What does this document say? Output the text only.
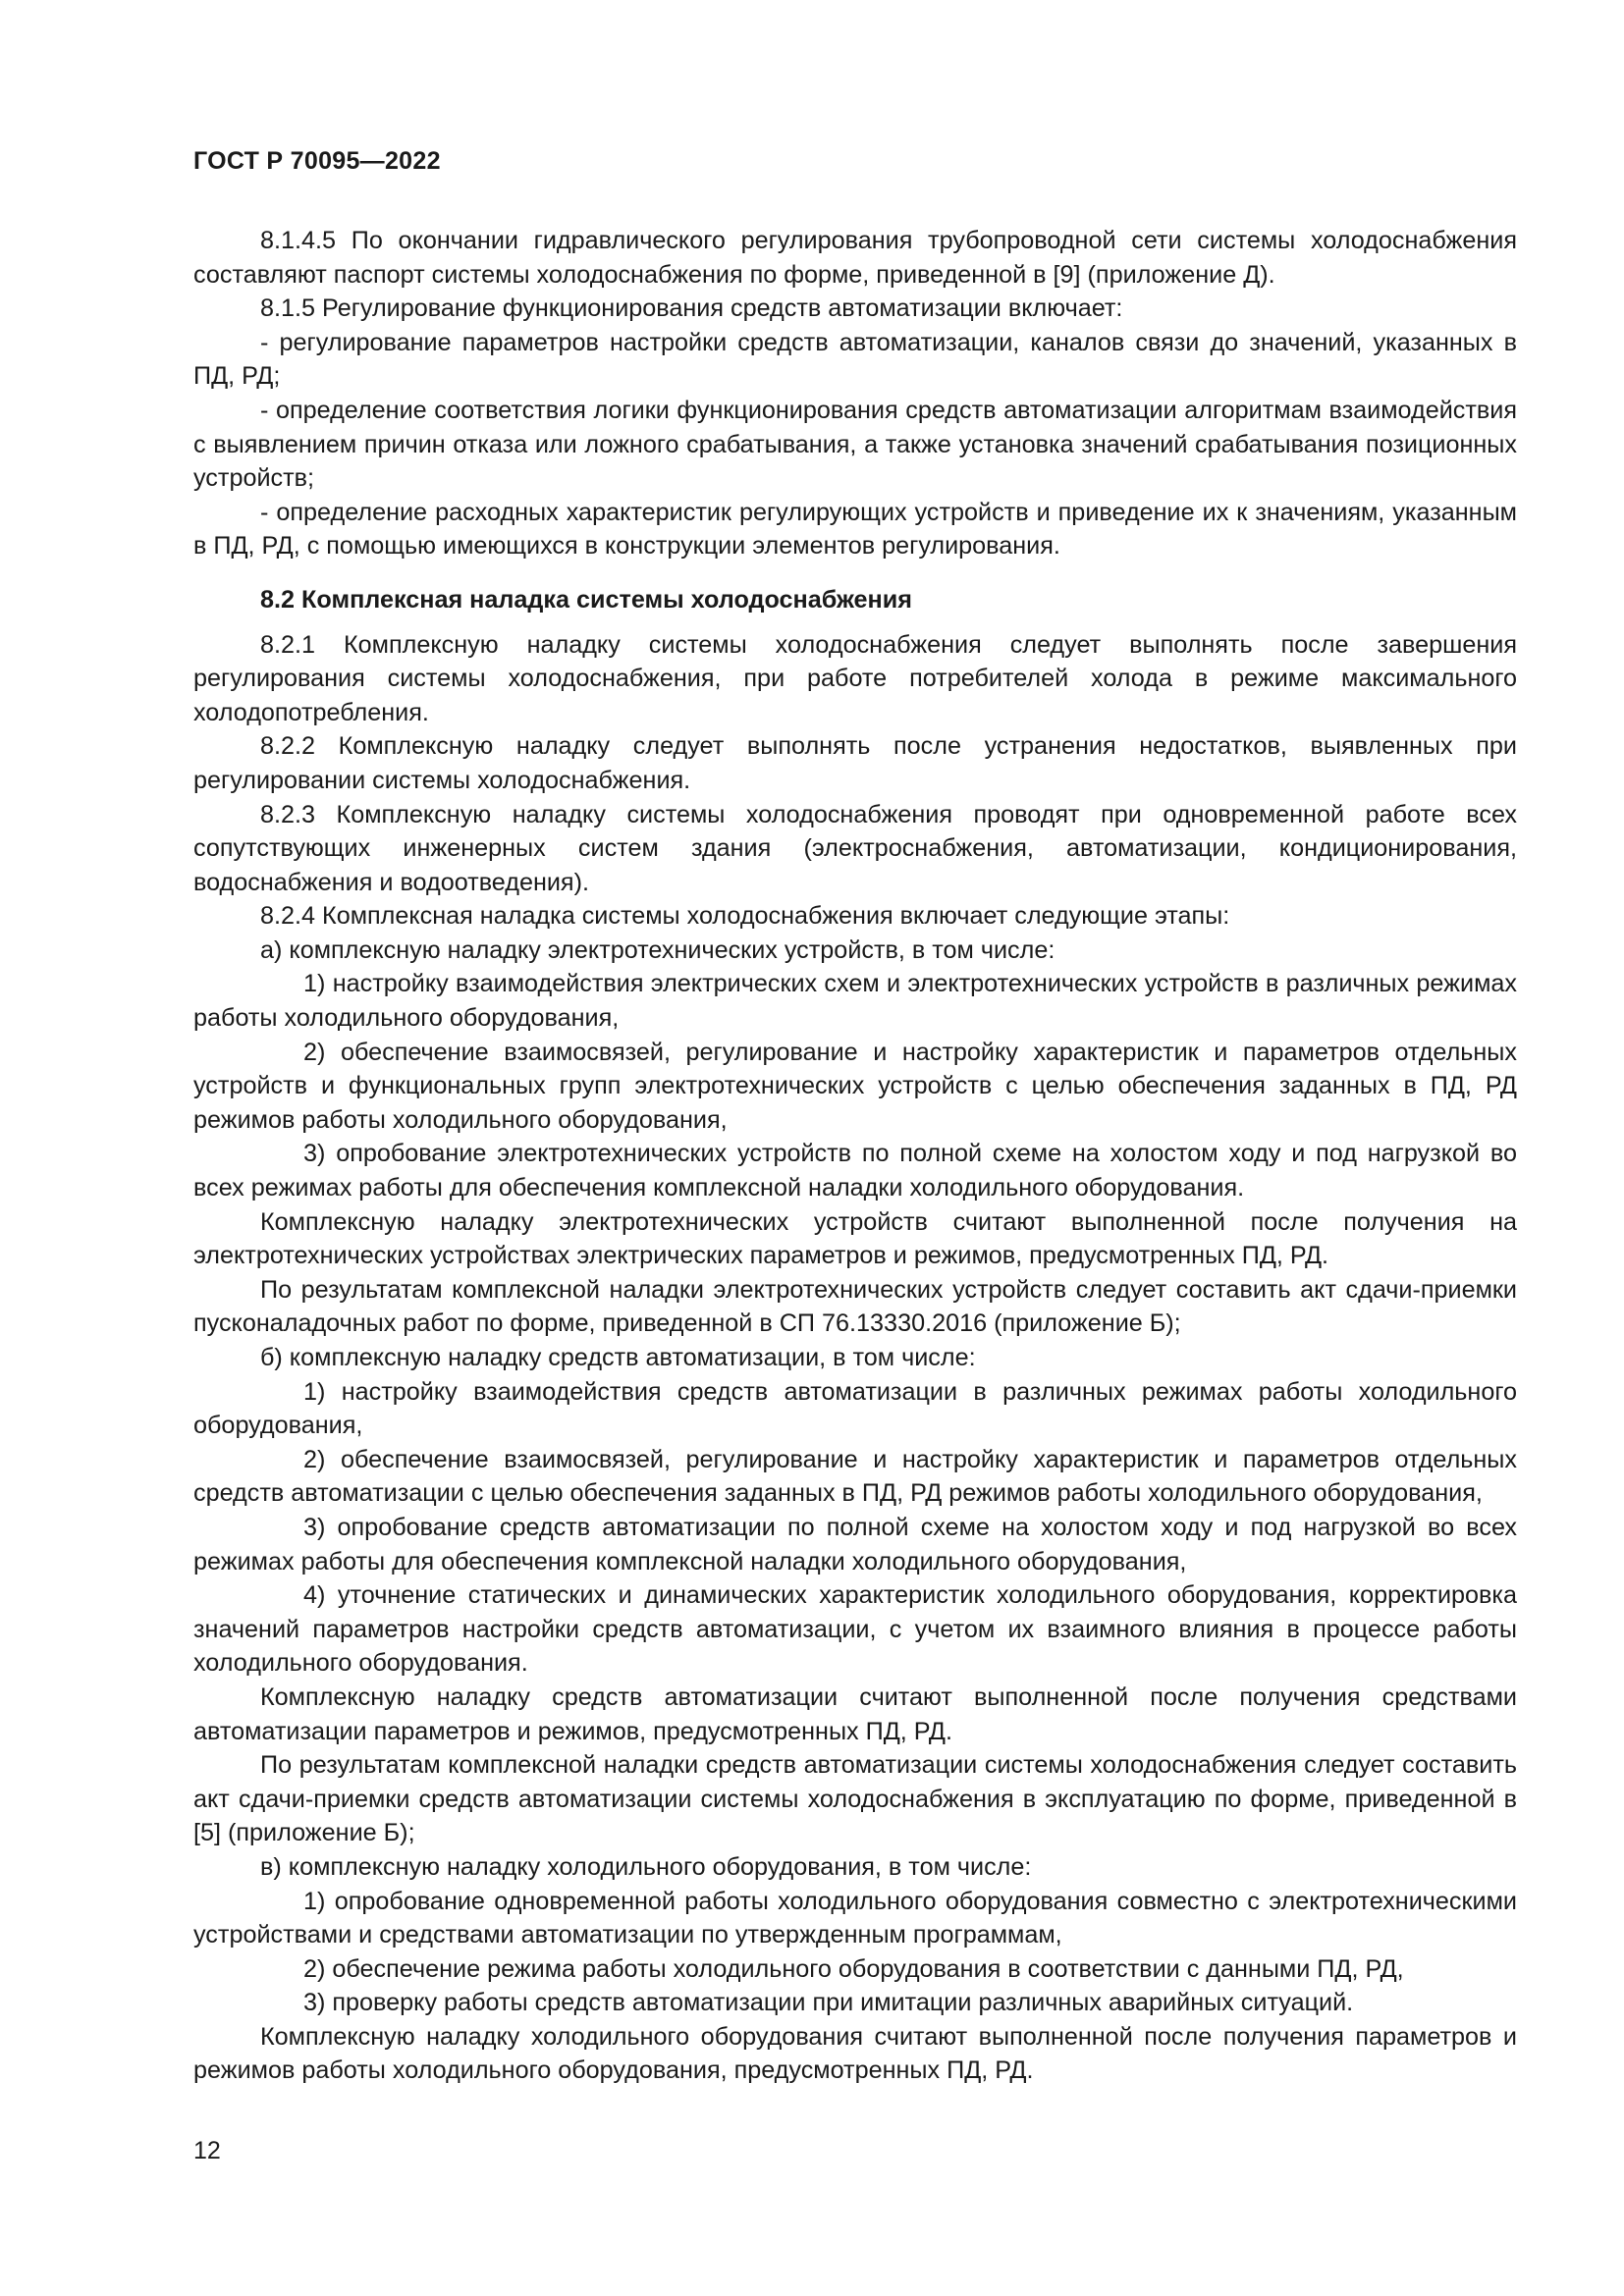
ГОСТ Р 70095—2022

8.1.4.5 По окончании гидравлического регулирования трубопроводной сети системы холодоснабжения составляют паспорт системы холодоснабжения по форме, приведенной в [9] (приложение Д).

8.1.5 Регулирование функционирования средств автоматизации включает:

- регулирование параметров настройки средств автоматизации, каналов связи до значений, указанных в ПД, РД;

- определение соответствия логики функционирования средств автоматизации алгоритмам взаимодействия с выявлением причин отказа или ложного срабатывания, а также установка значений срабатывания позиционных устройств;

- определение расходных характеристик регулирующих устройств и приведение их к значениям, указанным в ПД, РД, с помощью имеющихся в конструкции элементов регулирования.

8.2 Комплексная наладка системы холодоснабжения

8.2.1 Комплексную наладку системы холодоснабжения следует выполнять после завершения регулирования системы холодоснабжения, при работе потребителей холода в режиме максимального холодопотребления.

8.2.2 Комплексную наладку следует выполнять после устранения недостатков, выявленных при регулировании системы холодоснабжения.

8.2.3 Комплексную наладку системы холодоснабжения проводят при одновременной работе всех сопутствующих инженерных систем здания (электроснабжения, автоматизации, кондиционирования, водоснабжения и водоотведения).

8.2.4 Комплексная наладка системы холодоснабжения включает следующие этапы:

а) комплексную наладку электротехнических устройств, в том числе:

1) настройку взаимодействия электрических схем и электротехнических устройств в различных режимах работы холодильного оборудования,

2) обеспечение взаимосвязей, регулирование и настройку характеристик и параметров отдельных устройств и функциональных групп электротехнических устройств с целью обеспечения заданных в ПД, РД режимов работы холодильного оборудования,

3) опробование электротехнических устройств по полной схеме на холостом ходу и под нагрузкой во всех режимах работы для обеспечения комплексной наладки холодильного оборудования.

Комплексную наладку электротехнических устройств считают выполненной после получения на электротехнических устройствах электрических параметров и режимов, предусмотренных ПД, РД.

По результатам комплексной наладки электротехнических устройств следует составить акт сдачи-приемки пусконаладочных работ по форме, приведенной в СП 76.13330.2016 (приложение Б);

б) комплексную наладку средств автоматизации, в том числе:

1) настройку взаимодействия средств автоматизации в различных режимах работы холодильного оборудования,

2) обеспечение взаимосвязей, регулирование и настройку характеристик и параметров отдельных средств автоматизации с целью обеспечения заданных в ПД, РД режимов работы холодильного оборудования,

3) опробование средств автоматизации по полной схеме на холостом ходу и под нагрузкой во всех режимах работы для обеспечения комплексной наладки холодильного оборудования,

4) уточнение статических и динамических характеристик холодильного оборудования, корректировка значений параметров настройки средств автоматизации, с учетом их взаимного влияния в процессе работы холодильного оборудования.

Комплексную наладку средств автоматизации считают выполненной после получения средствами автоматизации параметров и режимов, предусмотренных ПД, РД.

По результатам комплексной наладки средств автоматизации системы холодоснабжения следует составить акт сдачи-приемки средств автоматизации системы холодоснабжения в эксплуатацию по форме, приведенной в [5] (приложение Б);

в) комплексную наладку холодильного оборудования, в том числе:

1) опробование одновременной работы холодильного оборудования совместно с электротехническими устройствами и средствами автоматизации по утвержденным программам,

2) обеспечение режима работы холодильного оборудования в соответствии с данными ПД, РД,

3) проверку работы средств автоматизации при имитации различных аварийных ситуаций.

Комплексную наладку холодильного оборудования считают выполненной после получения параметров и режимов работы холодильного оборудования, предусмотренных ПД, РД.

12
